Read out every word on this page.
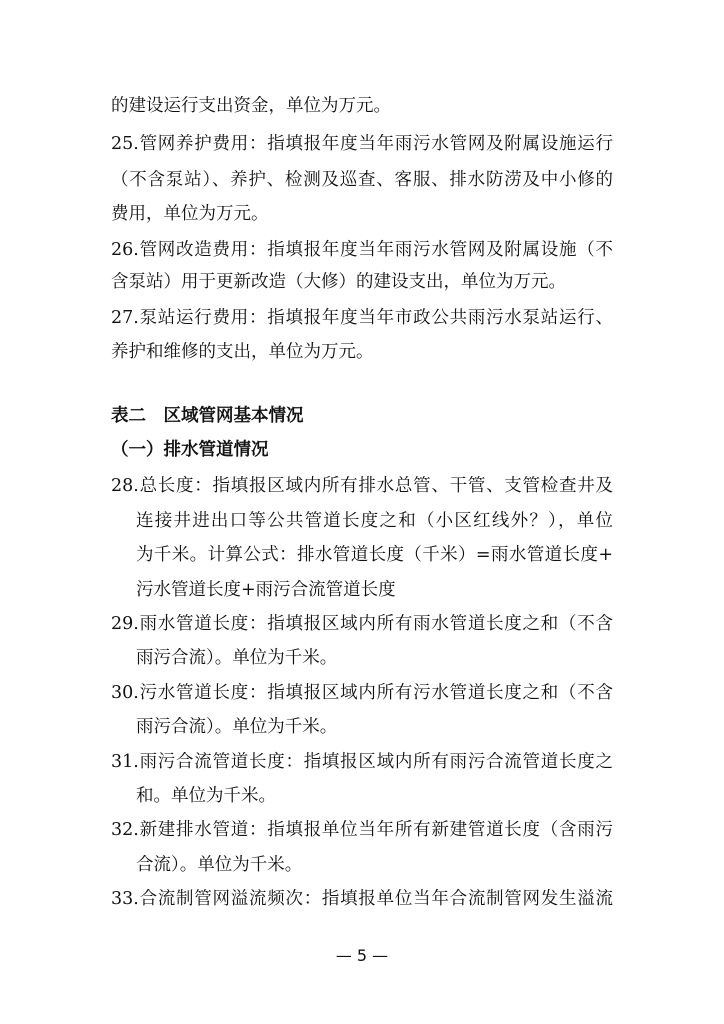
的建设运行支出资金，单位为万元。
25.管网养护费用：指填报年度当年雨污水管网及附属设施运行
（不含泵站）、养护、检测及巡查、客服、排水防涝及中小修的
费用，单位为万元。
26.管网改造费用：指填报年度当年雨污水管网及附属设施（不
含泵站）用于更新改造（大修）的建设支出，单位为万元。
27.泵站运行费用：指填报年度当年市政公共雨污水泵站运行、
养护和维修的支出，单位为万元。
表二　区域管网基本情况
（一）排水管道情况
28.总长度：指填报区域内所有排水总管、干管、支管检查井及
连接井进出口等公共管道长度之和（小区红线外？），单位
为千米。计算公式：排水管道长度（千米）=雨水管道长度+
污水管道长度+雨污合流管道长度
29.雨水管道长度：指填报区域内所有雨水管道长度之和（不含
雨污合流）。单位为千米。
30.污水管道长度：指填报区域内所有污水管道长度之和（不含
雨污合流）。单位为千米。
31.雨污合流管道长度：指填报区域内所有雨污合流管道长度之
和。单位为千米。
32.新建排水管道：指填报单位当年所有新建管道长度（含雨污
合流）。单位为千米。
33.合流制管网溢流频次：指填报单位当年合流制管网发生溢流
— 5 —
